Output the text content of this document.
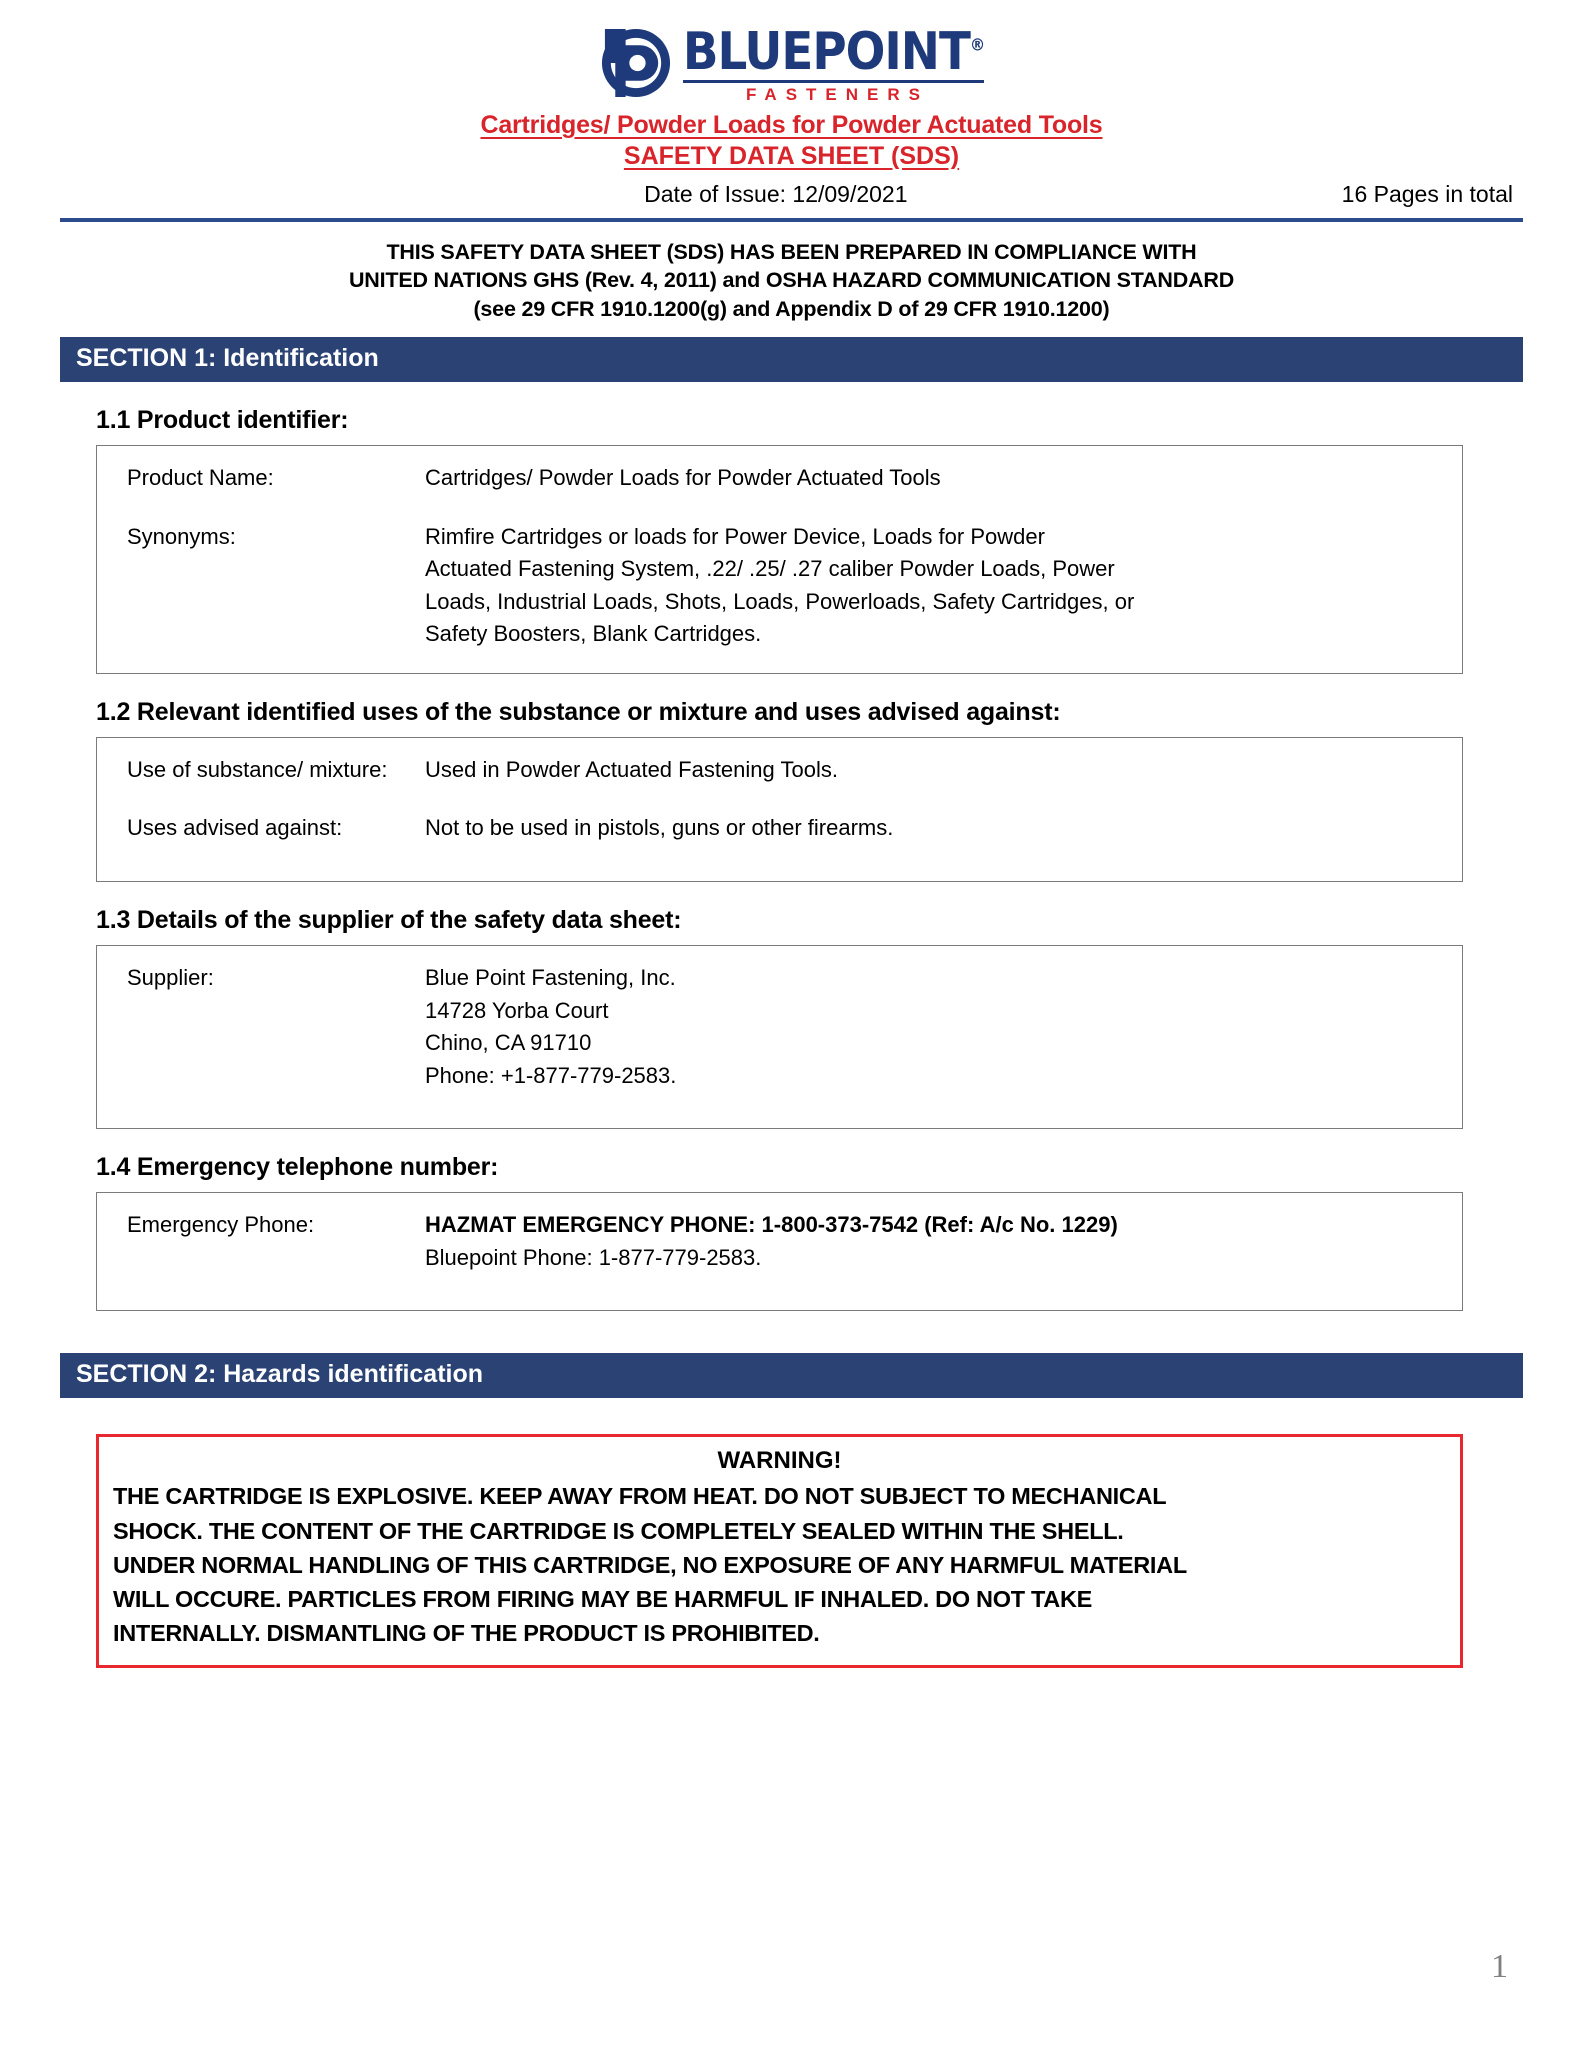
BLUEPOINT®
FASTENERS
Cartridges/ Powder Loads for Powder Actuated Tools
SAFETY DATA SHEET (SDS)
Date of Issue: 12/09/2021	16 Pages in total
THIS SAFETY DATA SHEET (SDS) HAS BEEN PREPARED IN COMPLIANCE WITH
UNITED NATIONS GHS (Rev. 4, 2011) and OSHA HAZARD COMMUNICATION STANDARD
(see 29 CFR 1910.1200(g) and Appendix D of 29 CFR 1910.1200)
SECTION 1: Identification
1.1 Product identifier:
Product Name:	Cartridges/ Powder Loads for Powder Actuated Tools
Synonyms:	Rimfire Cartridges or loads for Power Device, Loads for Powder
Actuated Fastening System, .22/ .25/ .27 caliber Powder Loads, Power
Loads, Industrial Loads, Shots, Loads, Powerloads, Safety Cartridges, or
Safety Boosters, Blank Cartridges.
1.2 Relevant identified uses of the substance or mixture and uses advised against:
Use of substance/ mixture:	Used in Powder Actuated Fastening Tools.
Uses advised against:	Not to be used in pistols, guns or other firearms.
1.3 Details of the supplier of the safety data sheet:
Supplier:	Blue Point Fastening, Inc.
14728 Yorba Court
Chino, CA 91710
Phone: +1-877-779-2583.
1.4 Emergency telephone number:
Emergency Phone:	HAZMAT EMERGENCY PHONE: 1-800-373-7542 (Ref: A/c No. 1229)
Bluepoint Phone: 1-877-779-2583.
SECTION 2: Hazards identification
WARNING!
THE CARTRIDGE IS EXPLOSIVE. KEEP AWAY FROM HEAT. DO NOT SUBJECT TO MECHANICAL
SHOCK. THE CONTENT OF THE CARTRIDGE IS COMPLETELY SEALED WITHIN THE SHELL.
UNDER NORMAL HANDLING OF THIS CARTRIDGE, NO EXPOSURE OF ANY HARMFUL MATERIAL
WILL OCCURE. PARTICLES FROM FIRING MAY BE HARMFUL IF INHALED. DO NOT TAKE
INTERNALLY. DISMANTLING OF THE PRODUCT IS PROHIBITED.
1
